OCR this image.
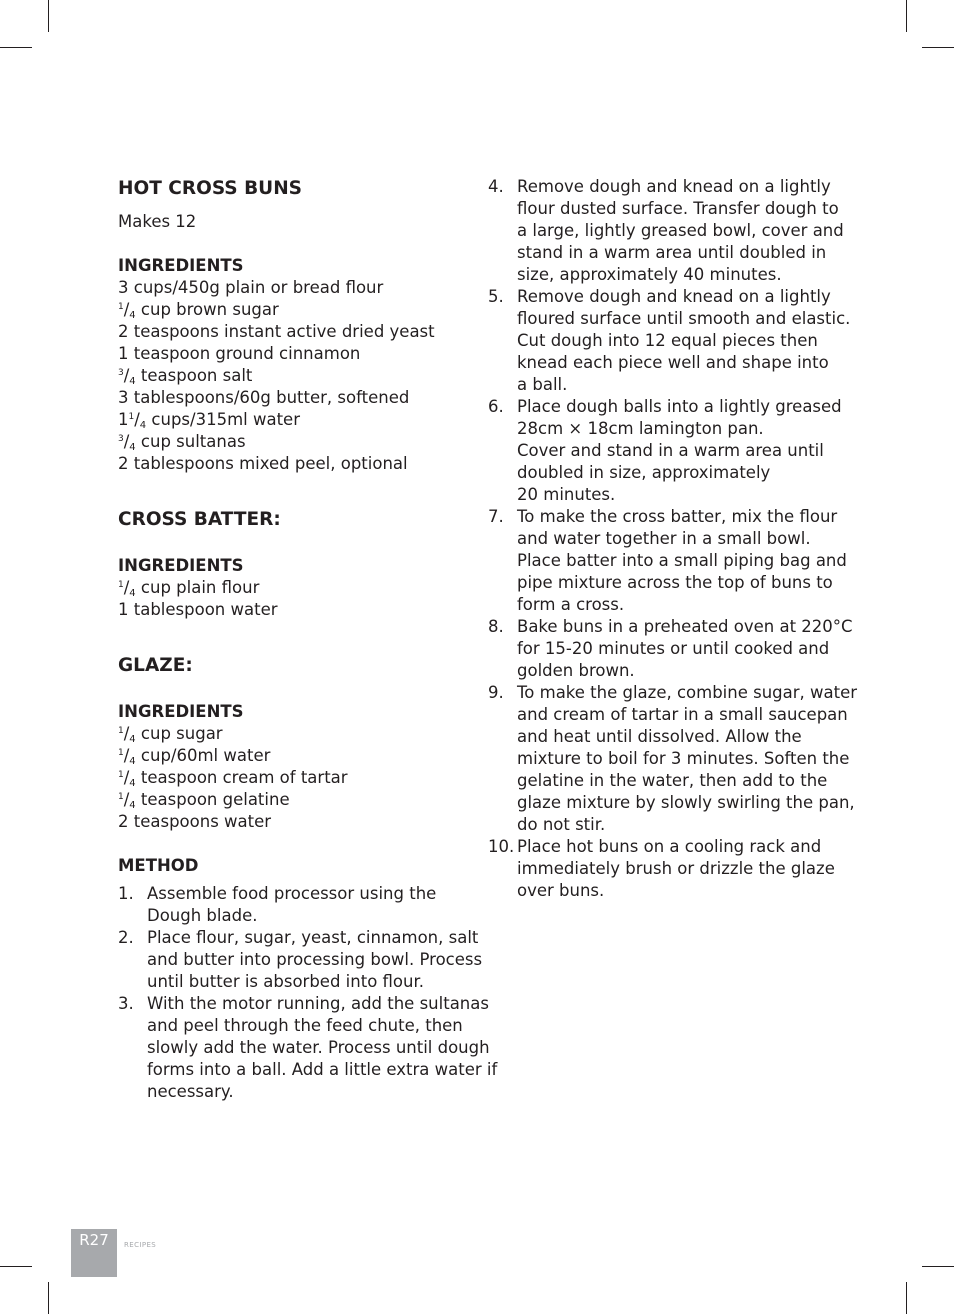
HOT CROSS BUNS

Makes 12

INGREDIENTS

3 cups/450g plain or bread flour

$^1/_4$ cup brown sugar

2 teaspoons instant active dried yeast

1 teaspoon ground cinnamon

$^3/_4$ teaspoon salt

3 tablespoons/60g butter, softened

$1^1/_4$ cups/315ml water

$^3/_4$ cup sultanas

2 tablespoons mixed peel, optional

CROSS BATTER:

INGREDIENTS

$^1/_4$ cup plain flour

1 tablespoon water

GLAZE:

INGREDIENTS

$^1/_4$ cup sugar

$^1/_4$ cup/60ml water

$^1/_4$ teaspoon cream of tartar

$^1/_4$ teaspoon gelatine

2 teaspoons water

METHOD

1. Assemble food processor using the
Dough blade.
2. Place flour, sugar, yeast, cinnamon, salt
and butter into processing bowl. Process
until butter is absorbed into flour.
3. With the motor running, add the sultanas
and peel through the feed chute, then
slowly add the water. Process until dough
forms into a ball. Add a little extra water if
necessary.
4. Remove dough and knead on a lightly
flour dusted surface. Transfer dough to
a large, lightly greased bowl, cover and
stand in a warm area until doubled in
size, approximately 40 minutes.
5. Remove dough and knead on a lightly
floured surface until smooth and elastic.
Cut dough into 12 equal pieces then
knead each piece well and shape into
a ball.
6. Place dough balls into a lightly greased
28cm × 18cm lamington pan.
Cover and stand in a warm area until
doubled in size, approximately
20 minutes.
7. To make the cross batter, mix the flour
and water together in a small bowl.
Place batter into a small piping bag and
pipe mixture across the top of buns to
form a cross.
8. Bake buns in a preheated oven at 220°C
for 15-20 minutes or until cooked and
golden brown.
9. To make the glaze, combine sugar, water
and cream of tartar in a small saucepan
and heat until dissolved. Allow the
mixture to boil for 3 minutes. Soften the
gelatine in the water, then add to the
glaze mixture by slowly swirling the pan,
do not stir.
10. Place hot buns on a cooling rack and
immediately brush or drizzle the glaze
over buns.
R27	RECIPES
